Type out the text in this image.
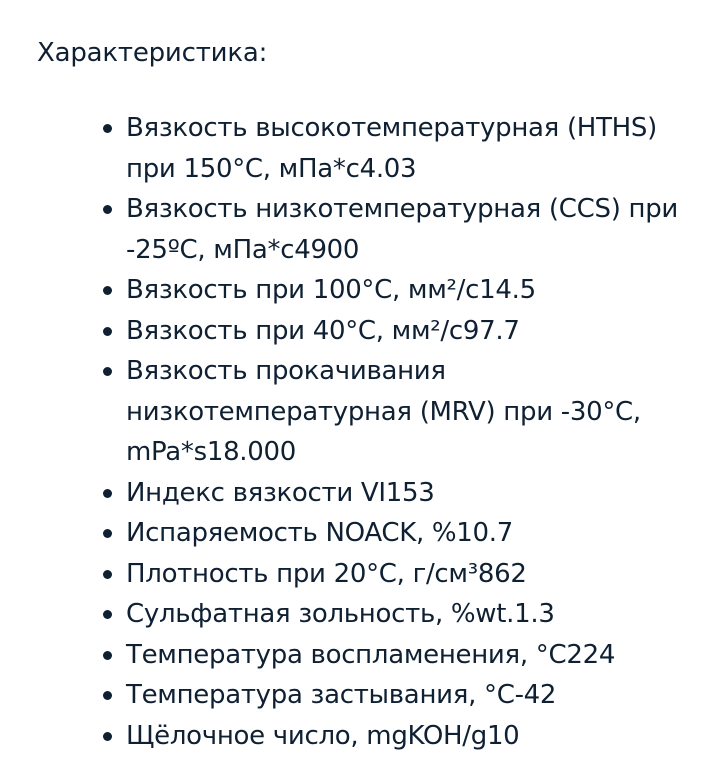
Характеристика:
Вязкость высокотемпературная (HTHS) при 150°С, мПа*с4.03
Вязкость низкотемпературная (CCS) при -25ºС, мПа*с4900
Вязкость при 100°С, мм²/с14.5
Вязкость при 40°С, мм²/с97.7
Вязкость прокачивания низкотемпературная (MRV) при -30°С, mPa*s18.000
Индекс вязкости VI153
Испаряемость NOACK, %10.7
Плотность при 20°С, г/см³862
Сульфатная зольность, %wt.1.3
Температура воспламенения, °С224
Температура застывания, °С-42
Щёлочное число, mgKOH/g10
